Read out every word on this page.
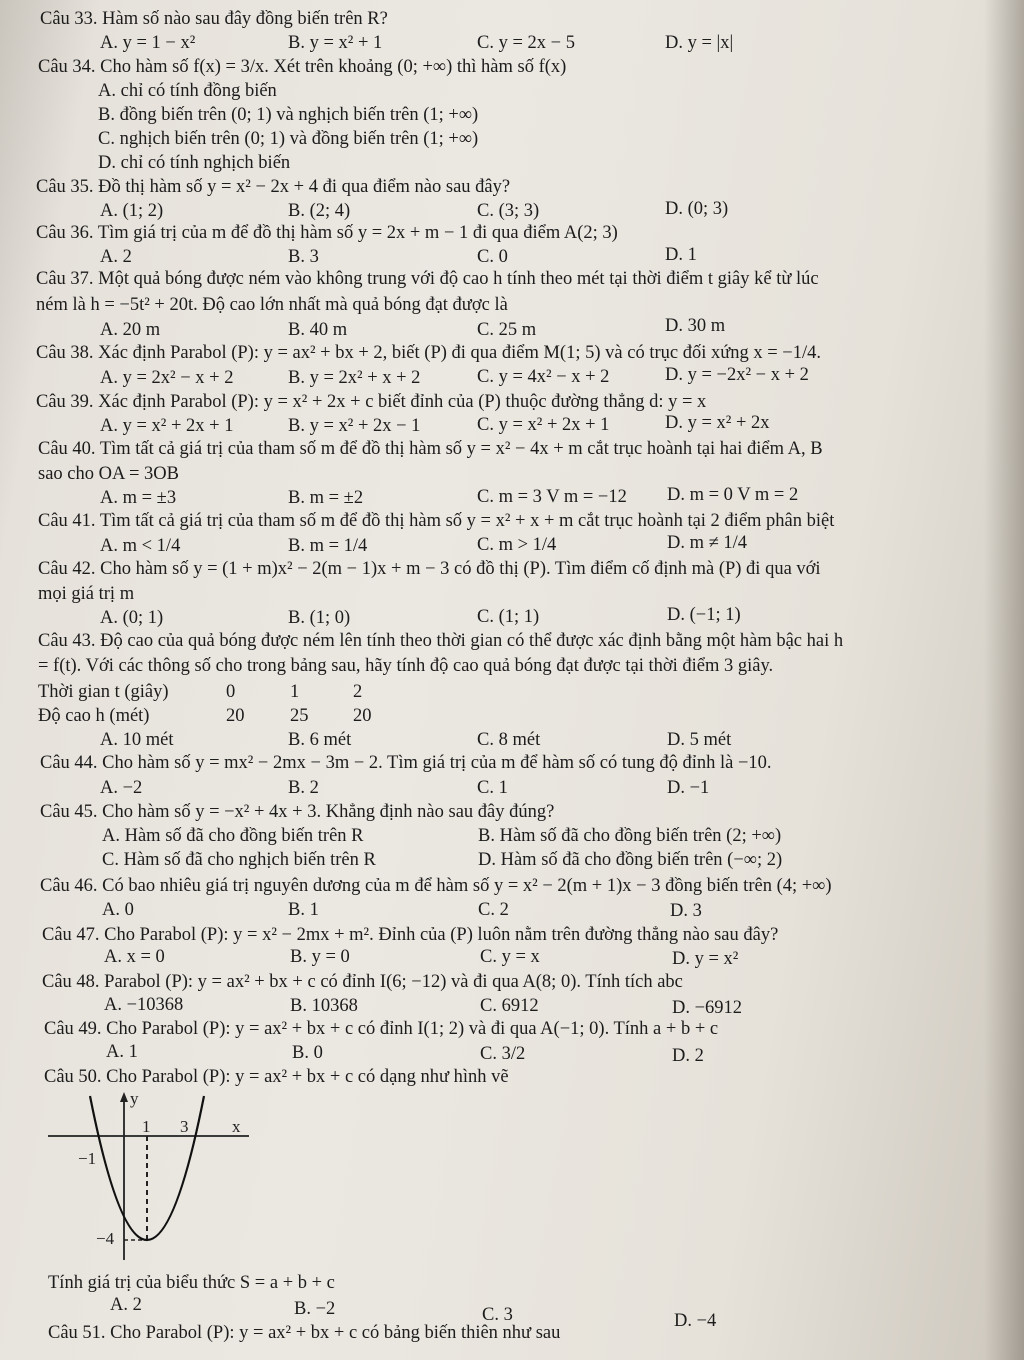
Câu 33. Hàm số nào sau đây đồng biến trên R?
A. y = 1 − x²	B. y = x² + 1	C. y = 2x − 5	D. y = |x|
Câu 34. Cho hàm số f(x) = 3/x. Xét trên khoảng (0; +∞) thì hàm số f(x)
A. chỉ có tính đồng biến
B. đồng biến trên (0; 1) và nghịch biến trên (1; +∞)
C. nghịch biến trên (0; 1) và đồng biến trên (1; +∞)
D. chỉ có tính nghịch biến
Câu 35. Đồ thị hàm số y = x² − 2x + 4 đi qua điểm nào sau đây?
A. (1; 2)	B. (2; 4)	C. (3; 3)	D. (0; 3)
Câu 36. Tìm giá trị của m để đồ thị hàm số y = 2x + m − 1 đi qua điểm A(2; 3)
A. 2	B. 3	C. 0	D. 1
Câu 37. Một quả bóng được ném vào không trung với độ cao h tính theo mét tại thời điểm t giây kể từ lúc
ném là h = −5t² + 20t. Độ cao lớn nhất mà quả bóng đạt được là
A. 20 m	B. 40 m	C. 25 m	D. 30 m
Câu 38. Xác định Parabol (P): y = ax² + bx + 2, biết (P) đi qua điểm M(1; 5) và có trục đối xứng x = −1/4.
A. y = 2x² − x + 2	B. y = 2x² + x + 2	C. y = 4x² − x + 2	D. y = −2x² − x + 2
Câu 39. Xác định Parabol (P): y = x² + 2x + c biết đỉnh của (P) thuộc đường thẳng d: y = x
A. y = x² + 2x + 1	B. y = x² + 2x − 1	C. y = x² + 2x + 1	D. y = x² + 2x
Câu 40. Tìm tất cả giá trị của tham số m để đồ thị hàm số y = x² − 4x + m cắt trục hoành tại hai điểm A, B
sao cho OA = 3OB
A. m = ±3	B. m = ±2	C. m = 3 V m = −12 D. m = 0 V m = 2
Câu 41. Tìm tất cả giá trị của tham số m để đồ thị hàm số y = x² + x + m cắt trục hoành tại 2 điểm phân biệt
A. m < 1/4	B. m = 1/4	C. m > 1/4	D. m ≠ 1/4
Câu 42. Cho hàm số y = (1 + m)x² − 2(m − 1)x + m − 3 có đồ thị (P). Tìm điểm cố định mà (P) đi qua với
mọi giá trị m
A. (0; 1)	B. (1; 0)	C. (1; 1)	D. (−1; 1)
Câu 43. Độ cao của quả bóng được ném lên tính theo thời gian có thể được xác định bằng một hàm bậc hai h
= f(t). Với các thông số cho trong bảng sau, hãy tính độ cao quả bóng đạt được tại thời điểm 3 giây.
Thời gian t (giây)	0	1	2
Độ cao h (mét)	20 25 20
A. 10 mét	B. 6 mét	C. 8 mét	D. 5 mét
Câu 44. Cho hàm số y = mx² − 2mx − 3m − 2. Tìm giá trị của m để hàm số có tung độ đỉnh là −10.
A. −2	B. 2	C. 1	D. −1
Câu 45. Cho hàm số y = −x² + 4x + 3. Khẳng định nào sau đây đúng?
A. Hàm số đã cho đồng biến trên R	B. Hàm số đã cho đồng biến trên (2; +∞)
C. Hàm số đã cho nghịch biến trên R	D. Hàm số đã cho đồng biến trên (−∞; 2)
Câu 46. Có bao nhiêu giá trị nguyên dương của m để hàm số y = x² − 2(m + 1)x − 3 đồng biến trên (4; +∞)
A. 0	B. 1	C. 2	D. 3
Câu 47. Cho Parabol (P): y = x² − 2mx + m². Đỉnh của (P) luôn nằm trên đường thẳng nào sau đây?
A. x = 0	B. y = 0	C. y = x	D. y = x²
Câu 48. Parabol (P): y = ax² + bx + c có đỉnh I(6; −12) và đi qua A(8; 0). Tính tích abc
A. −10368	B. 10368	C. 6912	D. −6912
Câu 49. Cho Parabol (P): y = ax² + bx + c có đỉnh I(1; 2) và đi qua A(−1; 0). Tính a + b + c
A. 1	B. 0	C. 3/2	D. 2
Câu 50. Cho Parabol (P): y = ax² + bx + c có dạng như hình vẽ
y
x
1 3
−1
−4
Tính giá trị của biểu thức S = a + b + c
A. 2	B. −2	C. 3	D. −4
Câu 51. Cho Parabol (P): y = ax² + bx + c có bảng biến thiên như sau
